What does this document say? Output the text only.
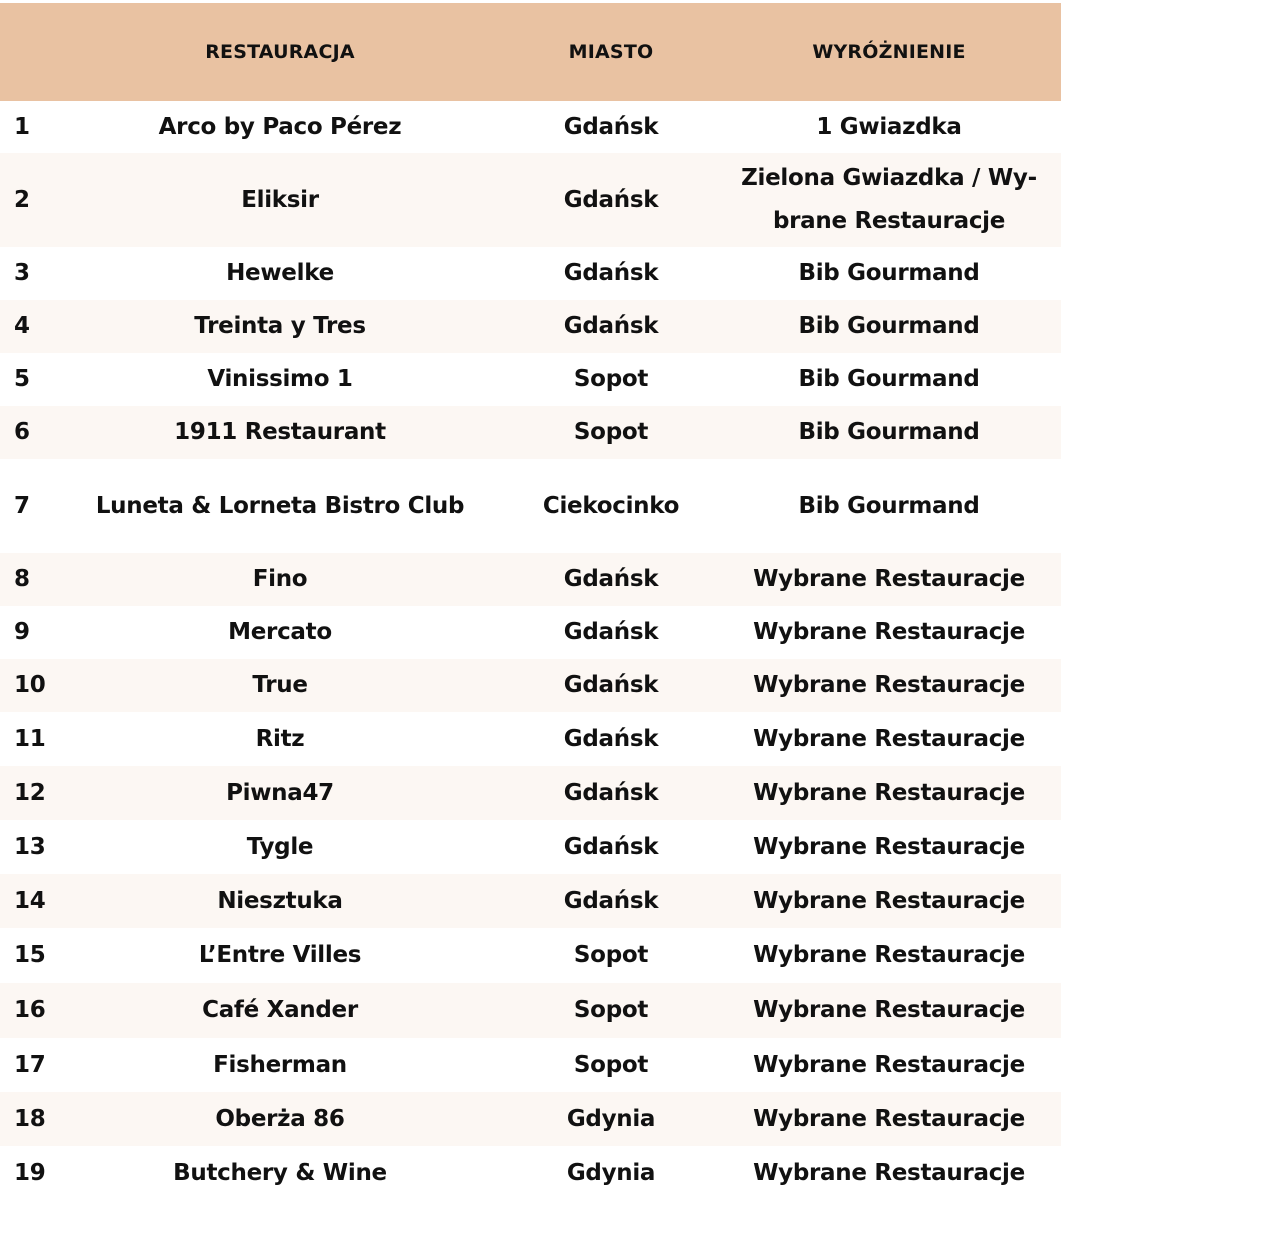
	RESTAURACJA	MIASTO	WYRÓŻNIENIE
1	Arco by Paco Pérez	Gdańsk	1 Gwiazdka
2	Eliksir	Gdańsk	Zielona Gwiazdka / Wy-brane Restauracje
3	Hewelke	Gdańsk	Bib Gourmand
4	Treinta y Tres	Gdańsk	Bib Gourmand
5	Vinissimo 1	Sopot	Bib Gourmand
6	1911 Restaurant	Sopot	Bib Gourmand
7	Luneta & Lorneta Bistro Club	Ciekocinko	Bib Gourmand
8	Fino	Gdańsk	Wybrane Restauracje
9	Mercato	Gdańsk	Wybrane Restauracje
10	True	Gdańsk	Wybrane Restauracje
11	Ritz	Gdańsk	Wybrane Restauracje
12	Piwna47	Gdańsk	Wybrane Restauracje
13	Tygle	Gdańsk	Wybrane Restauracje
14	Niesztuka	Gdańsk	Wybrane Restauracje
15	L’Entre Villes	Sopot	Wybrane Restauracje
16	Café Xander	Sopot	Wybrane Restauracje
17	Fisherman	Sopot	Wybrane Restauracje
18	Oberża 86	Gdynia	Wybrane Restauracje
19	Butchery & Wine	Gdynia	Wybrane Restauracje
